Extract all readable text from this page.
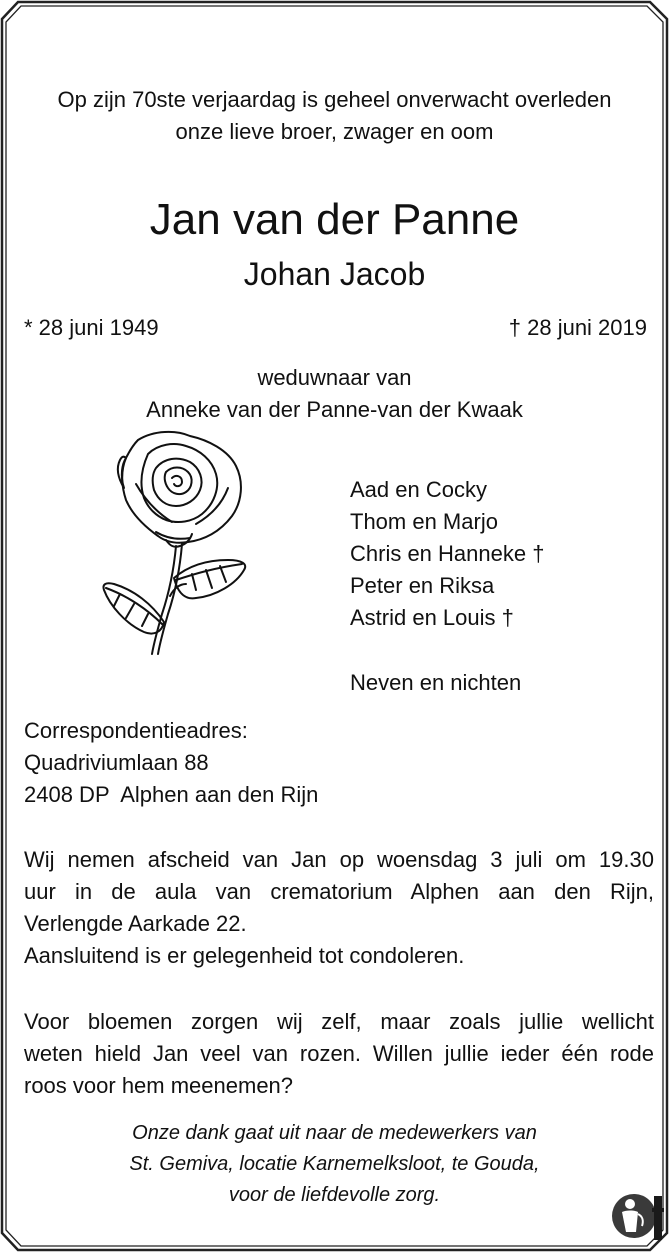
Op zijn 70ste verjaardag is geheel onverwacht overleden
onze lieve broer, zwager en oom
Jan van der Panne
Johan Jacob
* 28 juni 1949	† 28 juni 2019
weduwnaar van
Anneke van der Panne-van der Kwaak
Aad en Cocky
Thom en Marjo
Chris en Hanneke †
Peter en Riksa
Astrid en Louis †
Neven en nichten
Correspondentieadres:
Quadriviumlaan 88
2408 DP  Alphen aan den Rijn
Wij nemen afscheid van Jan op woensdag 3 juli om 19.30
uur in de aula van crematorium Alphen aan den Rijn,
Verlengde Aarkade 22.
Aansluitend is er gelegenheid tot condoleren.
Voor bloemen zorgen wij zelf, maar zoals jullie wellicht
weten hield Jan veel van rozen. Willen jullie ieder één rode
roos voor hem meenemen?
Onze dank gaat uit naar de medewerkers van
St. Gemiva, locatie Karnemelksloot, te Gouda,
voor de liefdevolle zorg.
